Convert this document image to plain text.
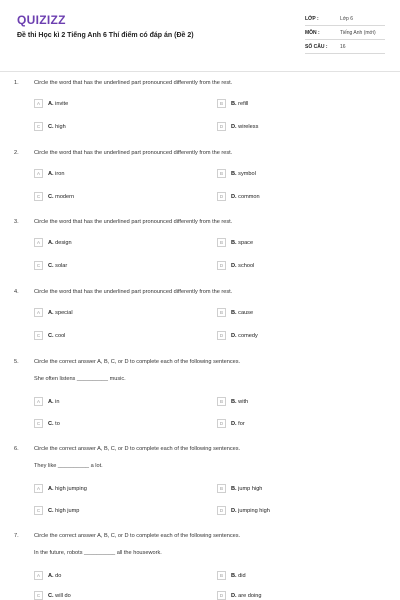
QUIZIZZ
Đề thi Học kì 2 Tiếng Anh 6 Thí điểm có đáp án (Đề 2)
LỚP :	Lớp 6
MÔN :	Tiếng Anh (mới)
SỐ CÂU :	16
1.	Circle the word that has the underlined part pronounced differently from the rest.
A	A. invite	B	B. refill
C	C. high	D	D. wireless
2.	Circle the word that has the underlined part pronounced differently from the rest.
A	A. iron	B	B. symbol
C	C. modern	D	D. common
3.	Circle the word that has the underlined part pronounced differently from the rest.
A	A. design	B	B. space
C	C. solar	D	D. school
4.	Circle the word that has the underlined part pronounced differently from the rest.
A	A. special	B	B. cause
C	C. cool	D	D. comedy
5.	Circle the correct answer A, B, C, or D to complete each of the following sentences.
She often listens __________ music.
A	A. in	B	B. with
C	C. to	D	D. for
6.	Circle the correct answer A, B, C, or D to complete each of the following sentences.
They like __________ a lot.
A	A. high jumping	B	B. jump high
C	C. high jump	D	D. jumping high
7.	Circle the correct answer A, B, C, or D to complete each of the following sentences.
In the future, robots __________ all the housework.
A	A. do	B	B. did
C	C. will do	D	D. are doing
